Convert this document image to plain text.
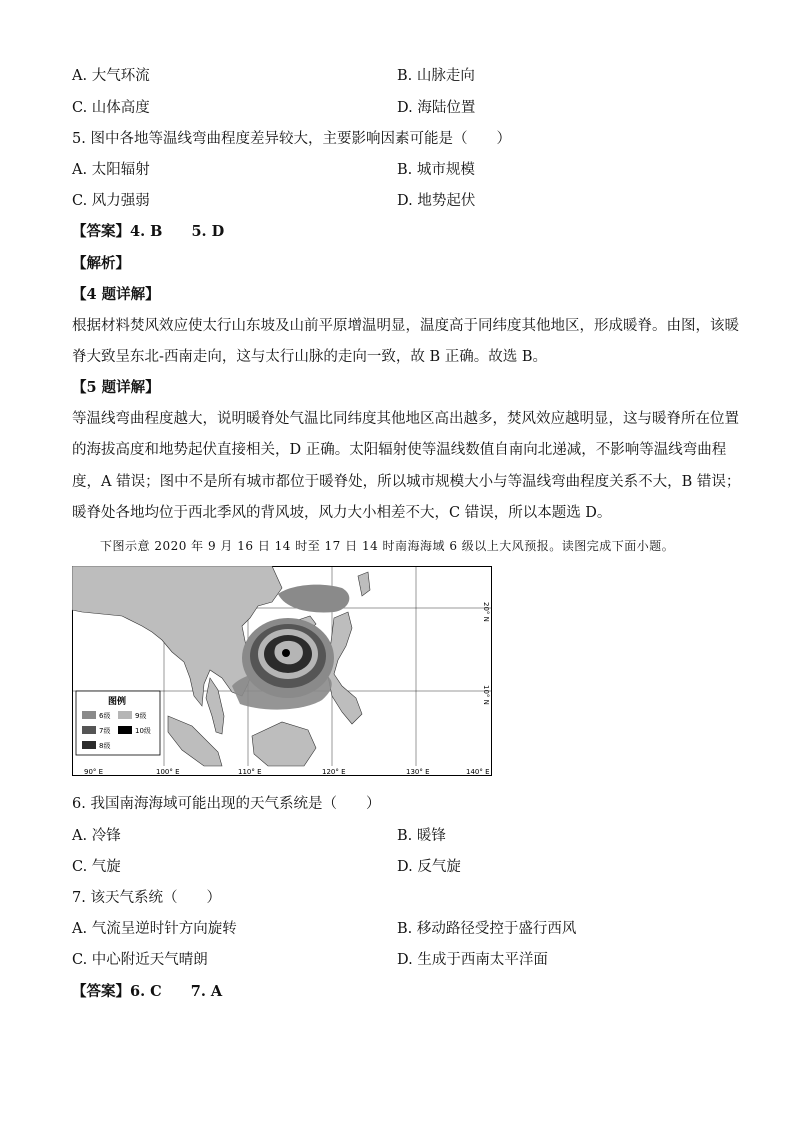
A. 大气环流	B. 山脉走向
C. 山体高度	D. 海陆位置
5. 图中各地等温线弯曲程度差异较大，主要影响因素可能是（　　）
A. 太阳辐射	B. 城市规模
C. 风力强弱	D. 地势起伏
【答案】4. B　　5. D
【解析】
【4 题详解】
根据材料焚风效应使太行山东坡及山前平原增温明显，温度高于同纬度其他地区，形成暖脊。由图，该暖
脊大致呈东北-西南走向，这与太行山脉的走向一致，故 B 正确。故选 B。
【5 题详解】
等温线弯曲程度越大，说明暖脊处气温比同纬度其他地区高出越多，焚风效应越明显，这与暖脊所在位置
的海拔高度和地势起伏直接相关，D 正确。太阳辐射使等温线数值自南向北递减，不影响等温线弯曲程
度，A 错误；图中不是所有城市都位于暖脊处，所以城市规模大小与等温线弯曲程度关系不大，B 错误；
暖脊处各地均位于西北季风的背风坡，风力大小相差不大，C 错误，所以本题选 D。
下图示意 2020 年 9 月 16 日 14 时至 17 日 14 时南海海域 6 级以上大风预报。读图完成下面小题。
图例
6级	9级
7级	10级
8级
90° E	100° E	110° E	120° E	130° E	140° E
20° N
10° N
6. 我国南海海域可能出现的天气系统是（　　）
A. 冷锋	B. 暖锋
C. 气旋	D. 反气旋
7. 该天气系统（　　）
A. 气流呈逆时针方向旋转	B. 移动路径受控于盛行西风
C. 中心附近天气晴朗	D. 生成于西南太平洋面
【答案】6. C　　7. A
